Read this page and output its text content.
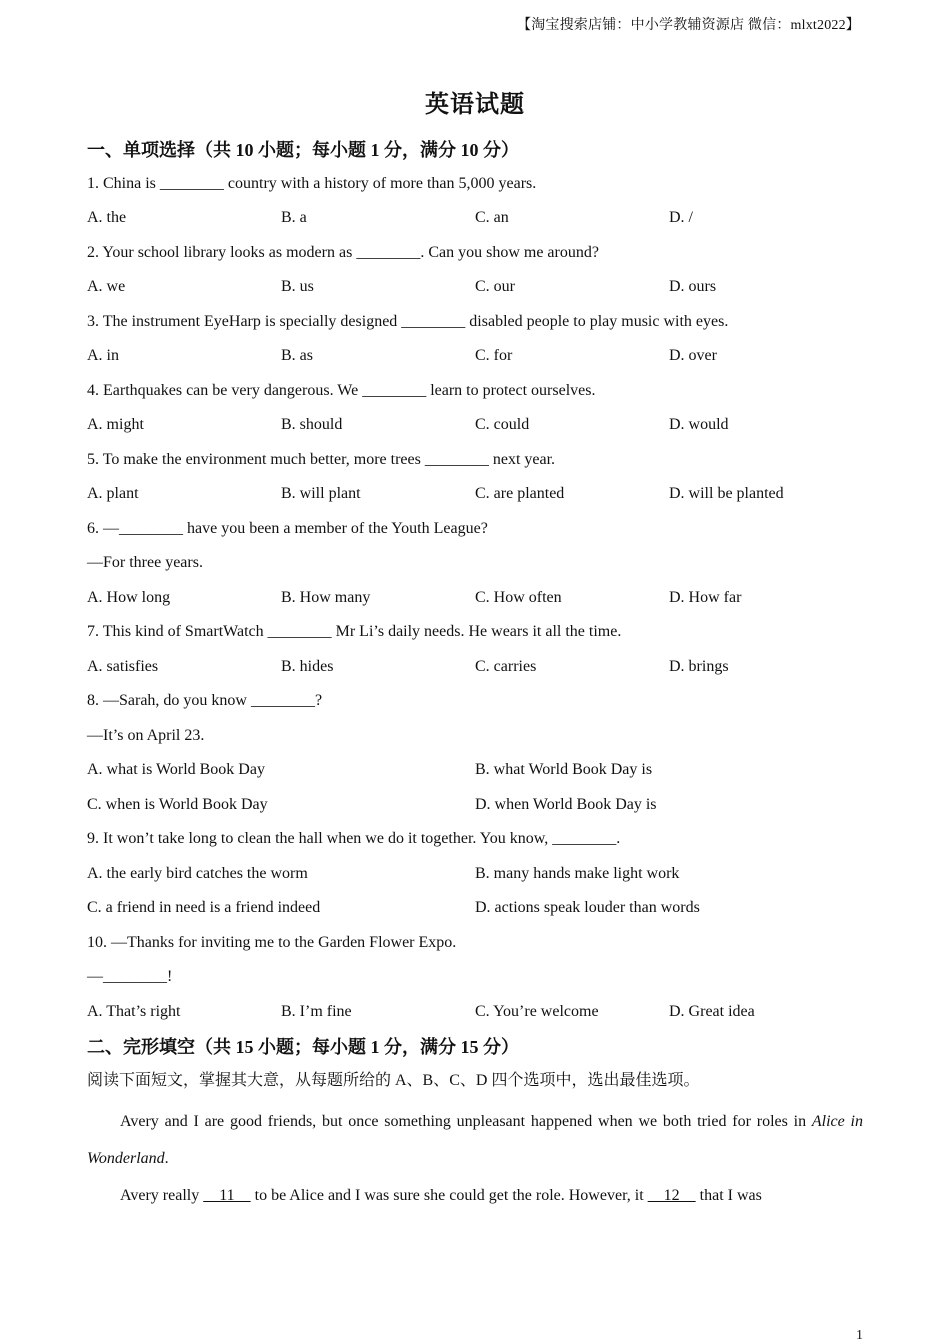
【淘宝搜索店铺：中小学教辅资源店 微信：mlxt2022】
英语试题
一、单项选择（共 10 小题；每小题 1 分，满分 10 分）
1. China is ________ country with a history of more than 5,000 years.
A. the	B. a	C. an	D. /
2. Your school library looks as modern as ________. Can you show me around?
A. we	B. us	C. our	D. ours
3. The instrument EyeHarp is specially designed ________ disabled people to play music with eyes.
A. in	B. as	C. for	D. over
4. Earthquakes can be very dangerous. We ________ learn to protect ourselves.
A. might	B. should	C. could	D. would
5. To make the environment much better, more trees ________ next year.
A. plant	B. will plant	C. are planted	D. will be planted
6. —________ have you been a member of the Youth League?
—For three years.
A. How long	B. How many	C. How often	D. How far
7. This kind of SmartWatch ________ Mr Li’s daily needs. He wears it all the time.
A. satisfies	B. hides	C. carries	D. brings
8. —Sarah, do you know ________?
—It’s on April 23.
A. what is World Book Day	B. what World Book Day is
C. when is World Book Day	D. when World Book Day is
9. It won’t take long to clean the hall when we do it together. You know, ________.
A. the early bird catches the worm	B. many hands make light work
C. a friend in need is a friend indeed	D. actions speak louder than words
10. —Thanks for inviting me to the Garden Flower Expo.
—________!
A. That’s right	B. I’m fine	C. You’re welcome	D. Great idea
二、完形填空（共 15 小题；每小题 1 分，满分 15 分）
阅读下面短文，掌握其大意，从每题所给的 A、B、C、D 四个选项中，选出最佳选项。
Avery and I are good friends, but once something unpleasant happened when we both tried for roles in Alice in Wonderland.
Avery really     11     to be Alice and I was sure she could get the role. However, it     12     that I was
1
